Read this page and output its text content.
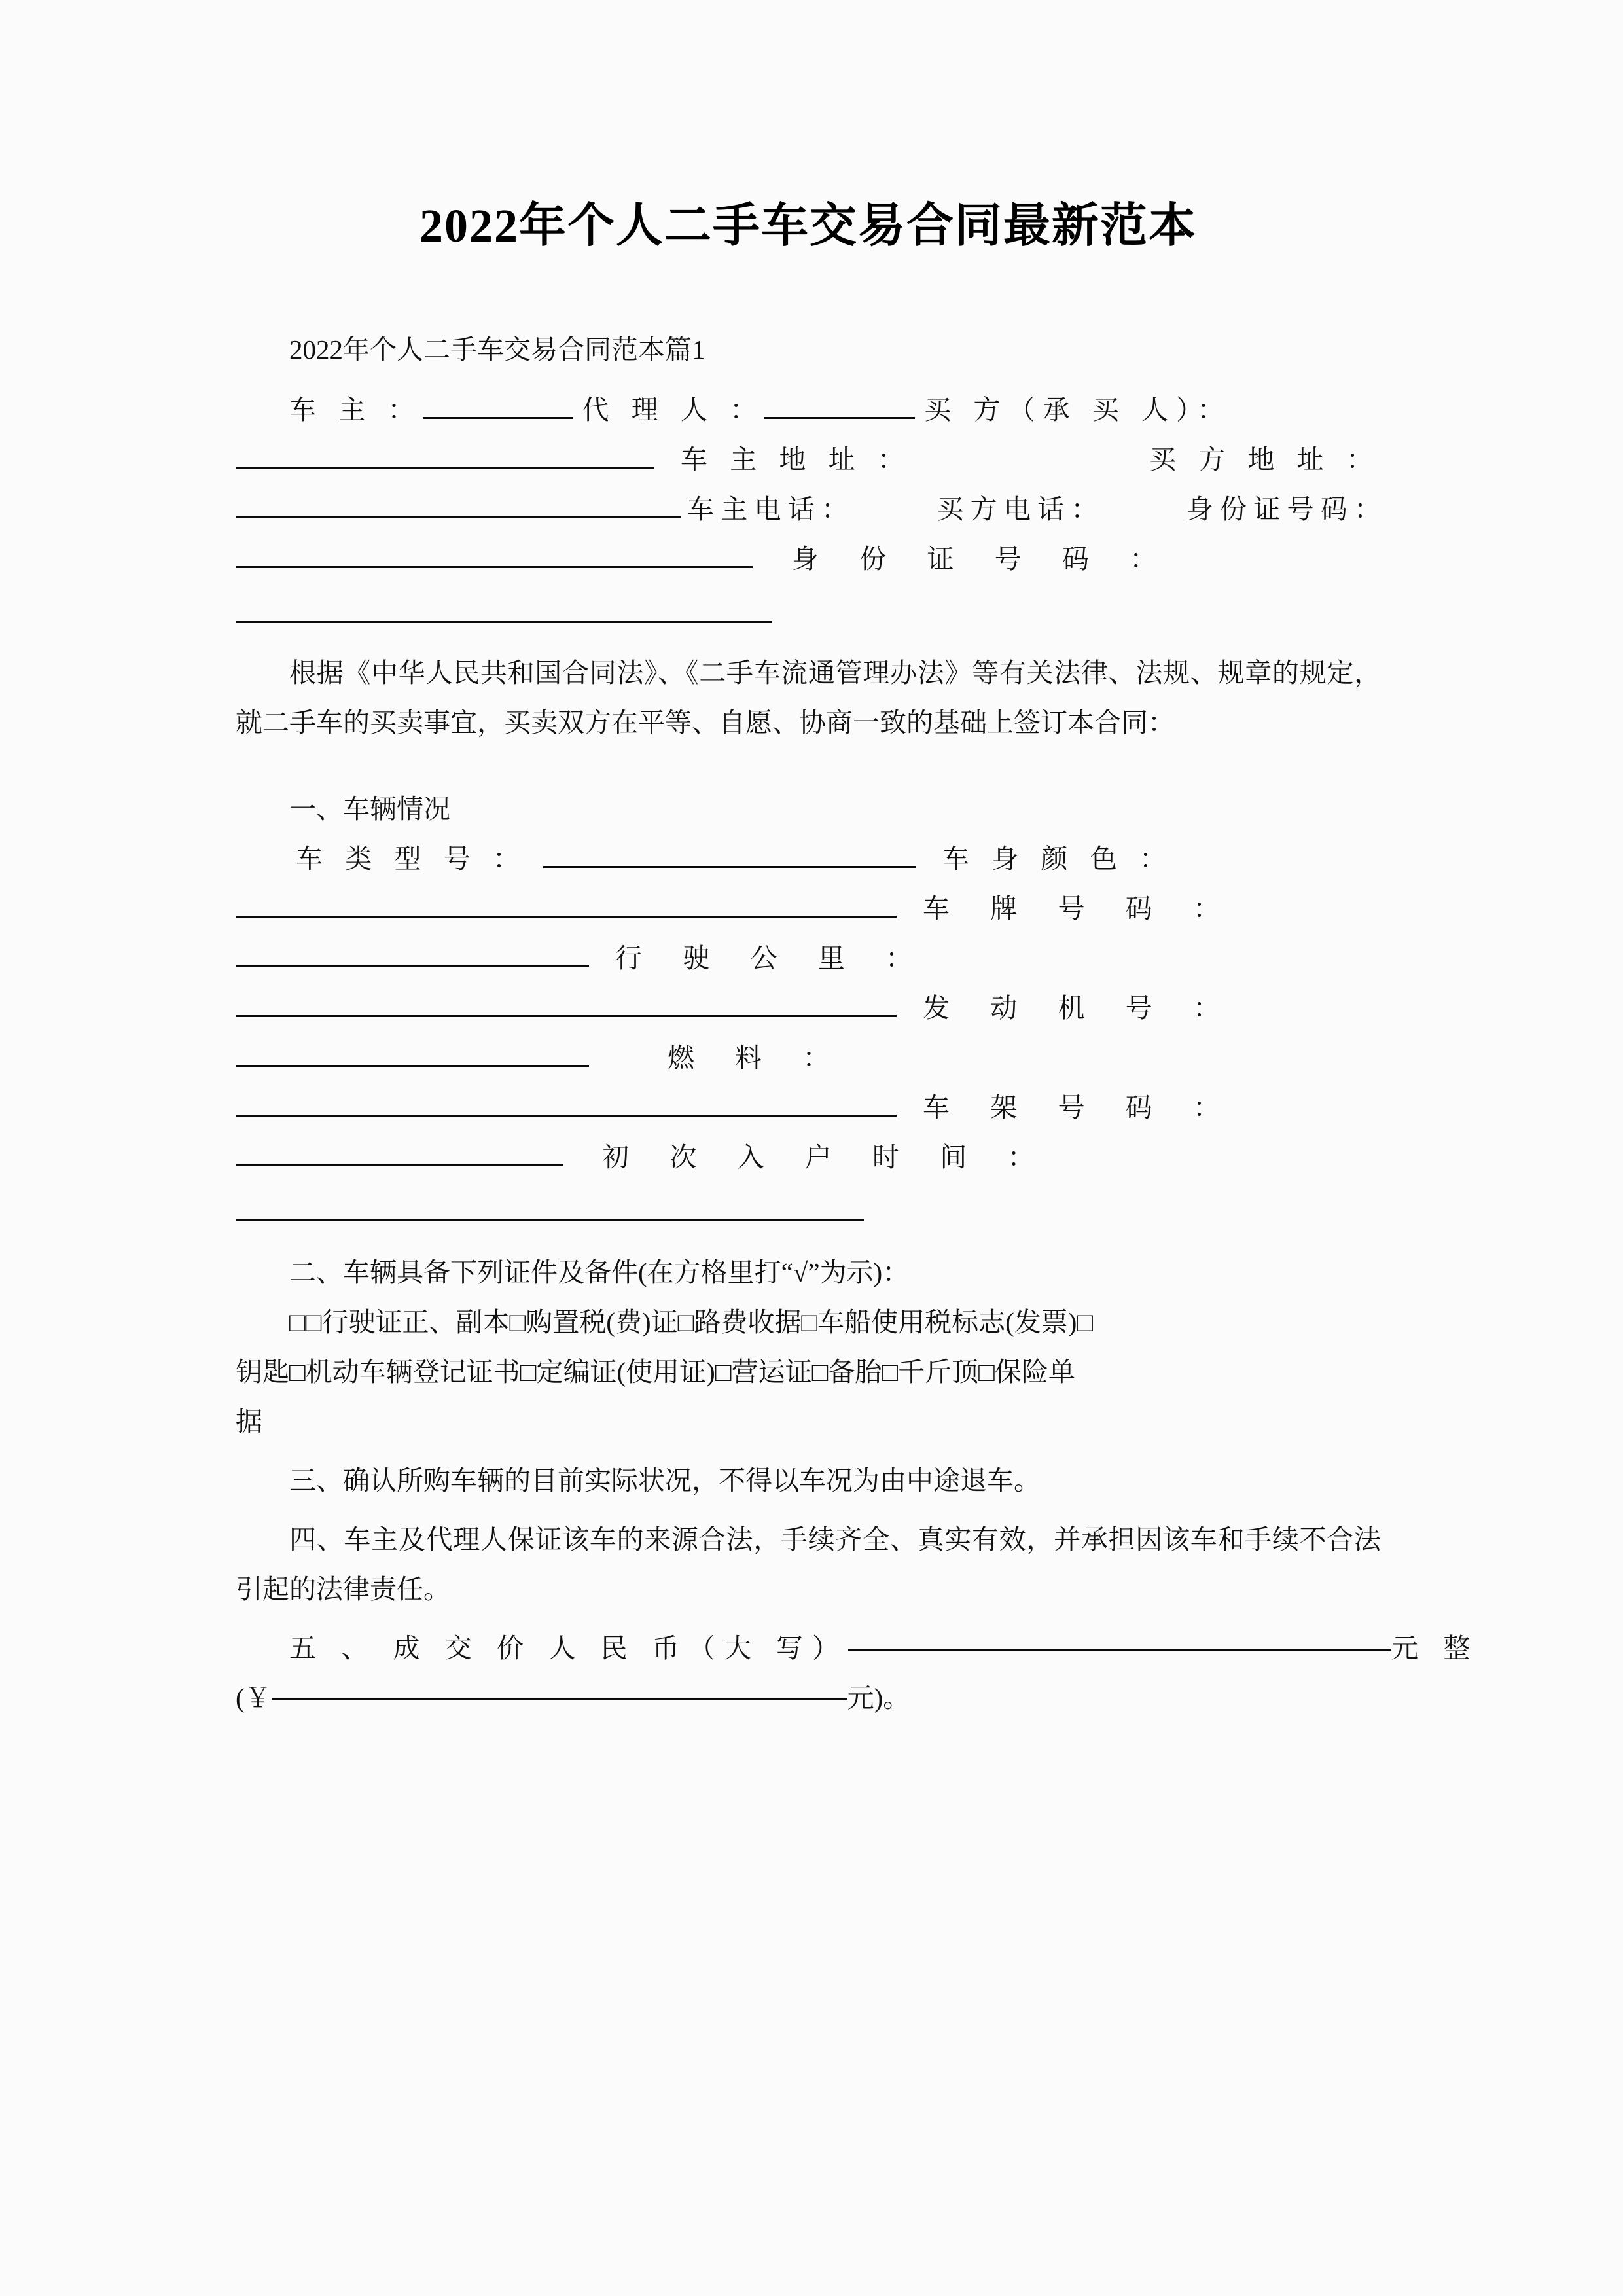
2022年个人二手车交易合同最新范本
2022年个人二手车交易合同范本篇1
车 主 ：	代 理 人 ：	买 方（承 买 人）：
车 主 地 址 ：	买 方 地 址 ：
车 主 电 话 ：	买 方 电 话 ：	身 份 证 号 码 ：
身 份 证 号 码 ：
根据《中华人民共和国合同法》、《二手车流通管理办法》等有关法律、法规、规章的规定，就二手车的买卖事宜，买卖双方在平等、自愿、协商一致的基础上签订本合同：
一、车辆情况
车 类 型 号 ：	车 身 颜 色 ：
车 牌 号 码 ：
行 驶 公 里 ：
发 动 机 号 ：
燃 料 ：
车 架 号 码 ：
初 次 入 户 时 间 ：
二、车辆具备下列证件及备件(在方格里打“√”为示)：
□□行驶证正、副本□购置税(费)证□路费收据□车船使用税标志(发票)□
钥匙□机动车辆登记证书□定编证(使用证)□营运证□备胎□千斤顶□保险单
据
三、确认所购车辆的目前实际状况，不得以车况为由中途退车。
四、车主及代理人保证该车的来源合法，手续齐全、真实有效，并承担因该车和手续不合法引起的法律责任。
五 、 成 交 价 人 民 币（大 写）	元 整
(￥	元)。
